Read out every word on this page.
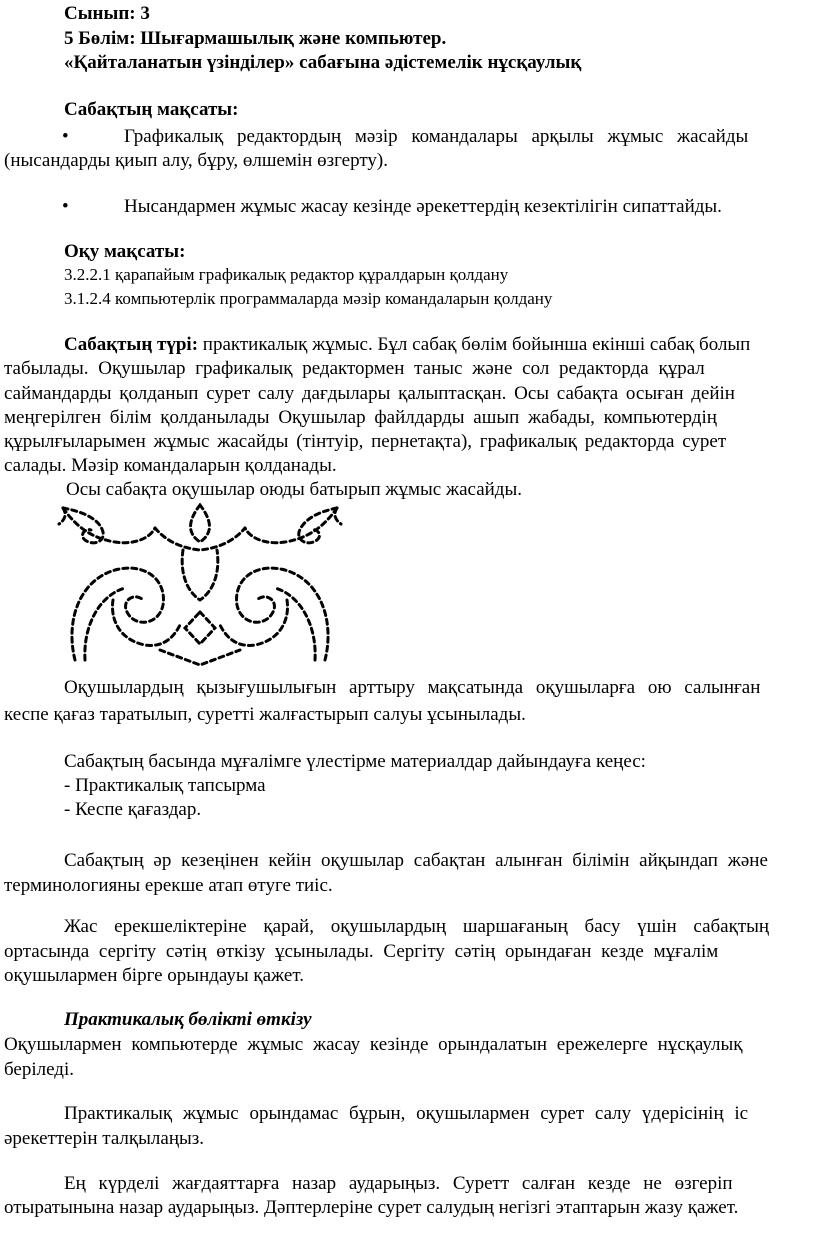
Сынып: 3
5 Бөлім: Шығармашылық және компьютер.
«Қайталанатын үзінділер» сабағына әдістемелік нұсқаулық
Сабақтың мақсаты:
•	Графикалық редактордың мәзір командалары арқылы жұмыс жасайды
(нысандарды қиып алу, бұру, өлшемін өзгерту).
•	Нысандармен жұмыс жасау кезінде әрекеттердің кезектілігін сипаттайды.
Оқу мақсаты:
3.2.2.1 қарапайым графикалық редактор құралдарын қолдану
3.1.2.4 компьютерлік программаларда мәзір командаларын қолдану
Сабақтың түрі: практикалық жұмыс. Бұл сабақ бөлім бойынша екінші сабақ болып
табылады. Оқушылар графикалық редактормен таныс және сол редакторда құрал
саймандарды қолданып сурет салу дағдылары қалыптасқан. Осы сабақта осыған дейін
меңгерілген білім қолданылады Оқушылар файлдарды ашып жабады, компьютердің
құрылғыларымен жұмыс жасайды (тінтуір, пернетақта), графикалық редакторда сурет
салады. Мәзір командаларын қолданады.
Осы сабақта оқушылар оюды батырып жұмыс жасайды.
Оқушылардың қызығушылығын арттыру мақсатында оқушыларға ою салынған
кеспе қағаз таратылып, суретті жалғастырып салуы ұсынылады.
Сабақтың басында мұғалімге үлестірме материалдар дайындауға кеңес:
- Практикалық тапсырма
- Кеспе қағаздар.
Сабақтың әр кезеңінен кейін оқушылар сабақтан алынған білімін айқындап және
терминологияны ерекше атап өтуге тиіс.
Жас ерекшеліктеріне қарай, оқушылардың шаршағаның басу үшін сабақтың
ортасында сергіту сәтің өткізу ұсынылады. Сергіту сәтің орындаған кезде мұғалім
оқушылармен бірге орындауы қажет.
Практикалық бөлікті өткізу
Оқушылармен компьютерде жұмыс жасау кезінде орындалатын ережелерге нұсқаулық
беріледі.
Практикалық жұмыс орындамас бұрын, оқушылармен сурет салу үдерісінің іс
әрекеттерін талқылаңыз.
Ең күрделі жағдаяттарға назар аударыңыз. Суретт салған кезде не өзгеріп
отыратынына назар аударыңыз. Дәптерлеріне сурет салудың негізгі этаптарын жазу қажет.
